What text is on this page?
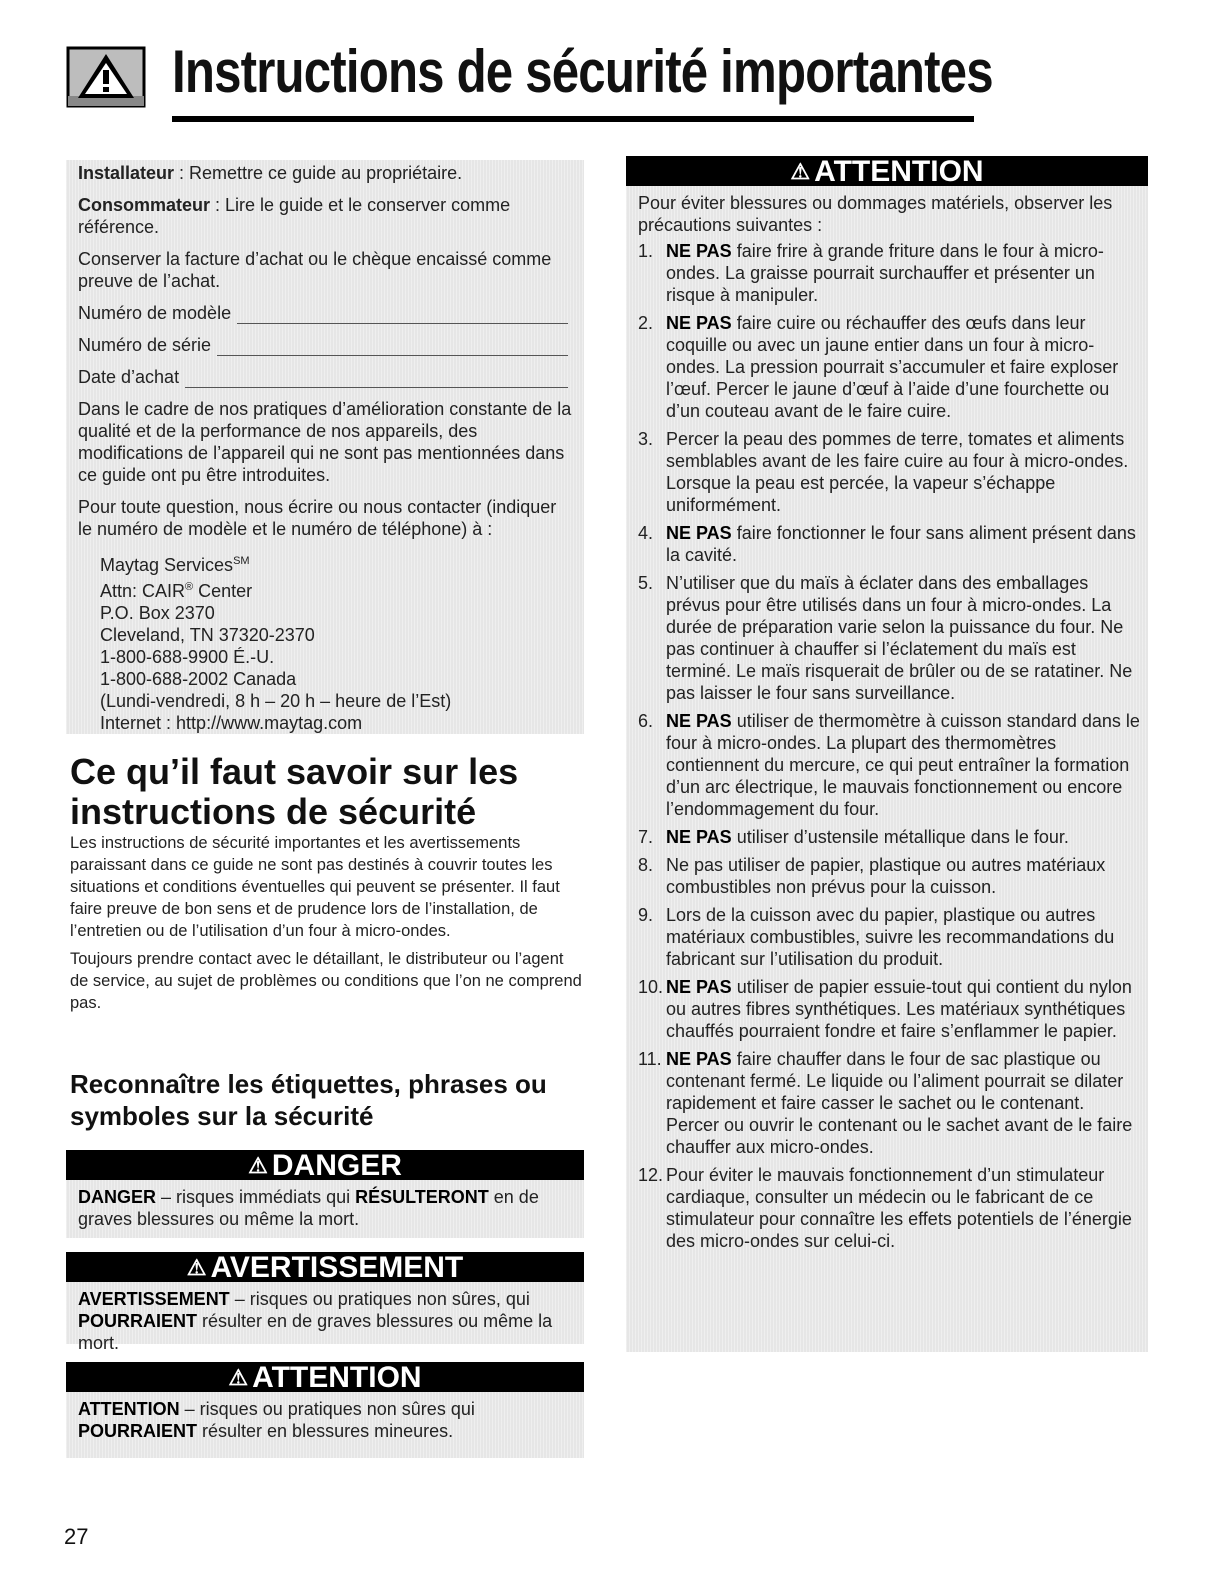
Instructions de sécurité importantes

Installateur : Remettre ce guide au propriétaire.

Consommateur : Lire le guide et le conserver comme référence.

Conserver la facture d’achat ou le chèque encaissé comme preuve de l’achat.

Numéro de modèle
Numéro de série
Date d’achat

Dans le cadre de nos pratiques d’amélioration constante de la qualité et de la performance de nos appareils, des modifications de l’appareil qui ne sont pas mentionnées dans ce guide ont pu être introduites.

Pour toute question, nous écrire ou nous contacter (indiquer le numéro de modèle et le numéro de téléphone) à :

Maytag Services℠
Attn: CAIR® Center
P.O. Box 2370
Cleveland, TN 37320-2370
1-800-688-9900 É.-U.
1-800-688-2002 Canada
(Lundi-vendredi, 8 h – 20 h – heure de l’Est)
Internet : http://www.maytag.com
Ce qu’il faut savoir sur les instructions de sécurité

Les instructions de sécurité importantes et les avertissements paraissant dans ce guide ne sont pas destinés à couvrir toutes les situations et conditions éventuelles qui peuvent se présenter. Il faut faire preuve de bon sens et de prudence lors de l’installation, de l’entretien ou de l’utilisation d’un four à micro-ondes.

Toujours prendre contact avec le détaillant, le distributeur ou l’agent de service, au sujet de problèmes ou conditions que l’on ne comprend pas.

Reconnaître les étiquettes, phrases ou symboles sur la sécurité
⚠ DANGER
DANGER – risques immédiats qui RÉSULTERONT en de graves blessures ou même la mort.
⚠ AVERTISSEMENT
AVERTISSEMENT – risques ou pratiques non sûres, qui POURRAIENT résulter en de graves blessures ou même la mort.
⚠ ATTENTION
ATTENTION – risques ou pratiques non sûres qui POURRAIENT résulter en blessures mineures.
⚠ ATTENTION

Pour éviter blessures ou dommages matériels, observer les précautions suivantes :

1. NE PAS faire frire à grande friture dans le four à micro-ondes. La graisse pourrait surchauffer et présenter un risque à manipuler.
2. NE PAS faire cuire ou réchauffer des œufs dans leur coquille ou avec un jaune entier dans un four à micro-ondes. La pression pourrait s’accumuler et faire exploser l’œuf. Percer le jaune d’œuf à l’aide d’une fourchette ou d’un couteau avant de le faire cuire.
3. Percer la peau des pommes de terre, tomates et aliments semblables avant de les faire cuire au four à micro-ondes. Lorsque la peau est percée, la vapeur s’échappe uniformément.
4. NE PAS faire fonctionner le four sans aliment présent dans la cavité.
5. N’utiliser que du maïs à éclater dans des emballages prévus pour être utilisés dans un four à micro-ondes. La durée de préparation varie selon la puissance du four. Ne pas continuer à chauffer si l’éclatement du maïs est terminé. Le maïs risquerait de brûler ou de se ratatiner. Ne pas laisser le four sans surveillance.
6. NE PAS utiliser de thermomètre à cuisson standard dans le four à micro-ondes. La plupart des thermomètres contiennent du mercure, ce qui peut entraîner la formation d’un arc électrique, le mauvais fonctionnement ou encore l’endommagement du four.
7. NE PAS utiliser d’ustensile métallique dans le four.
8. Ne pas utiliser de papier, plastique ou autres matériaux combustibles non prévus pour la cuisson.
9. Lors de la cuisson avec du papier, plastique ou autres matériaux combustibles, suivre les recommandations du fabricant sur l’utilisation du produit.
10. NE PAS utiliser de papier essuie-tout qui contient du nylon ou autres fibres synthétiques. Les matériaux synthétiques chauffés pourraient fondre et faire s’enflammer le papier.
11. NE PAS faire chauffer dans le four de sac plastique ou contenant fermé. Le liquide ou l’aliment pourrait se dilater rapidement et faire casser le sachet ou le contenant. Percer ou ouvrir le contenant ou le sachet avant de le faire chauffer aux micro-ondes.
12. Pour éviter le mauvais fonctionnement d’un stimulateur cardiaque, consulter un médecin ou le fabricant de ce stimulateur pour connaître les effets potentiels de l’énergie des micro-ondes sur celui-ci.
27
